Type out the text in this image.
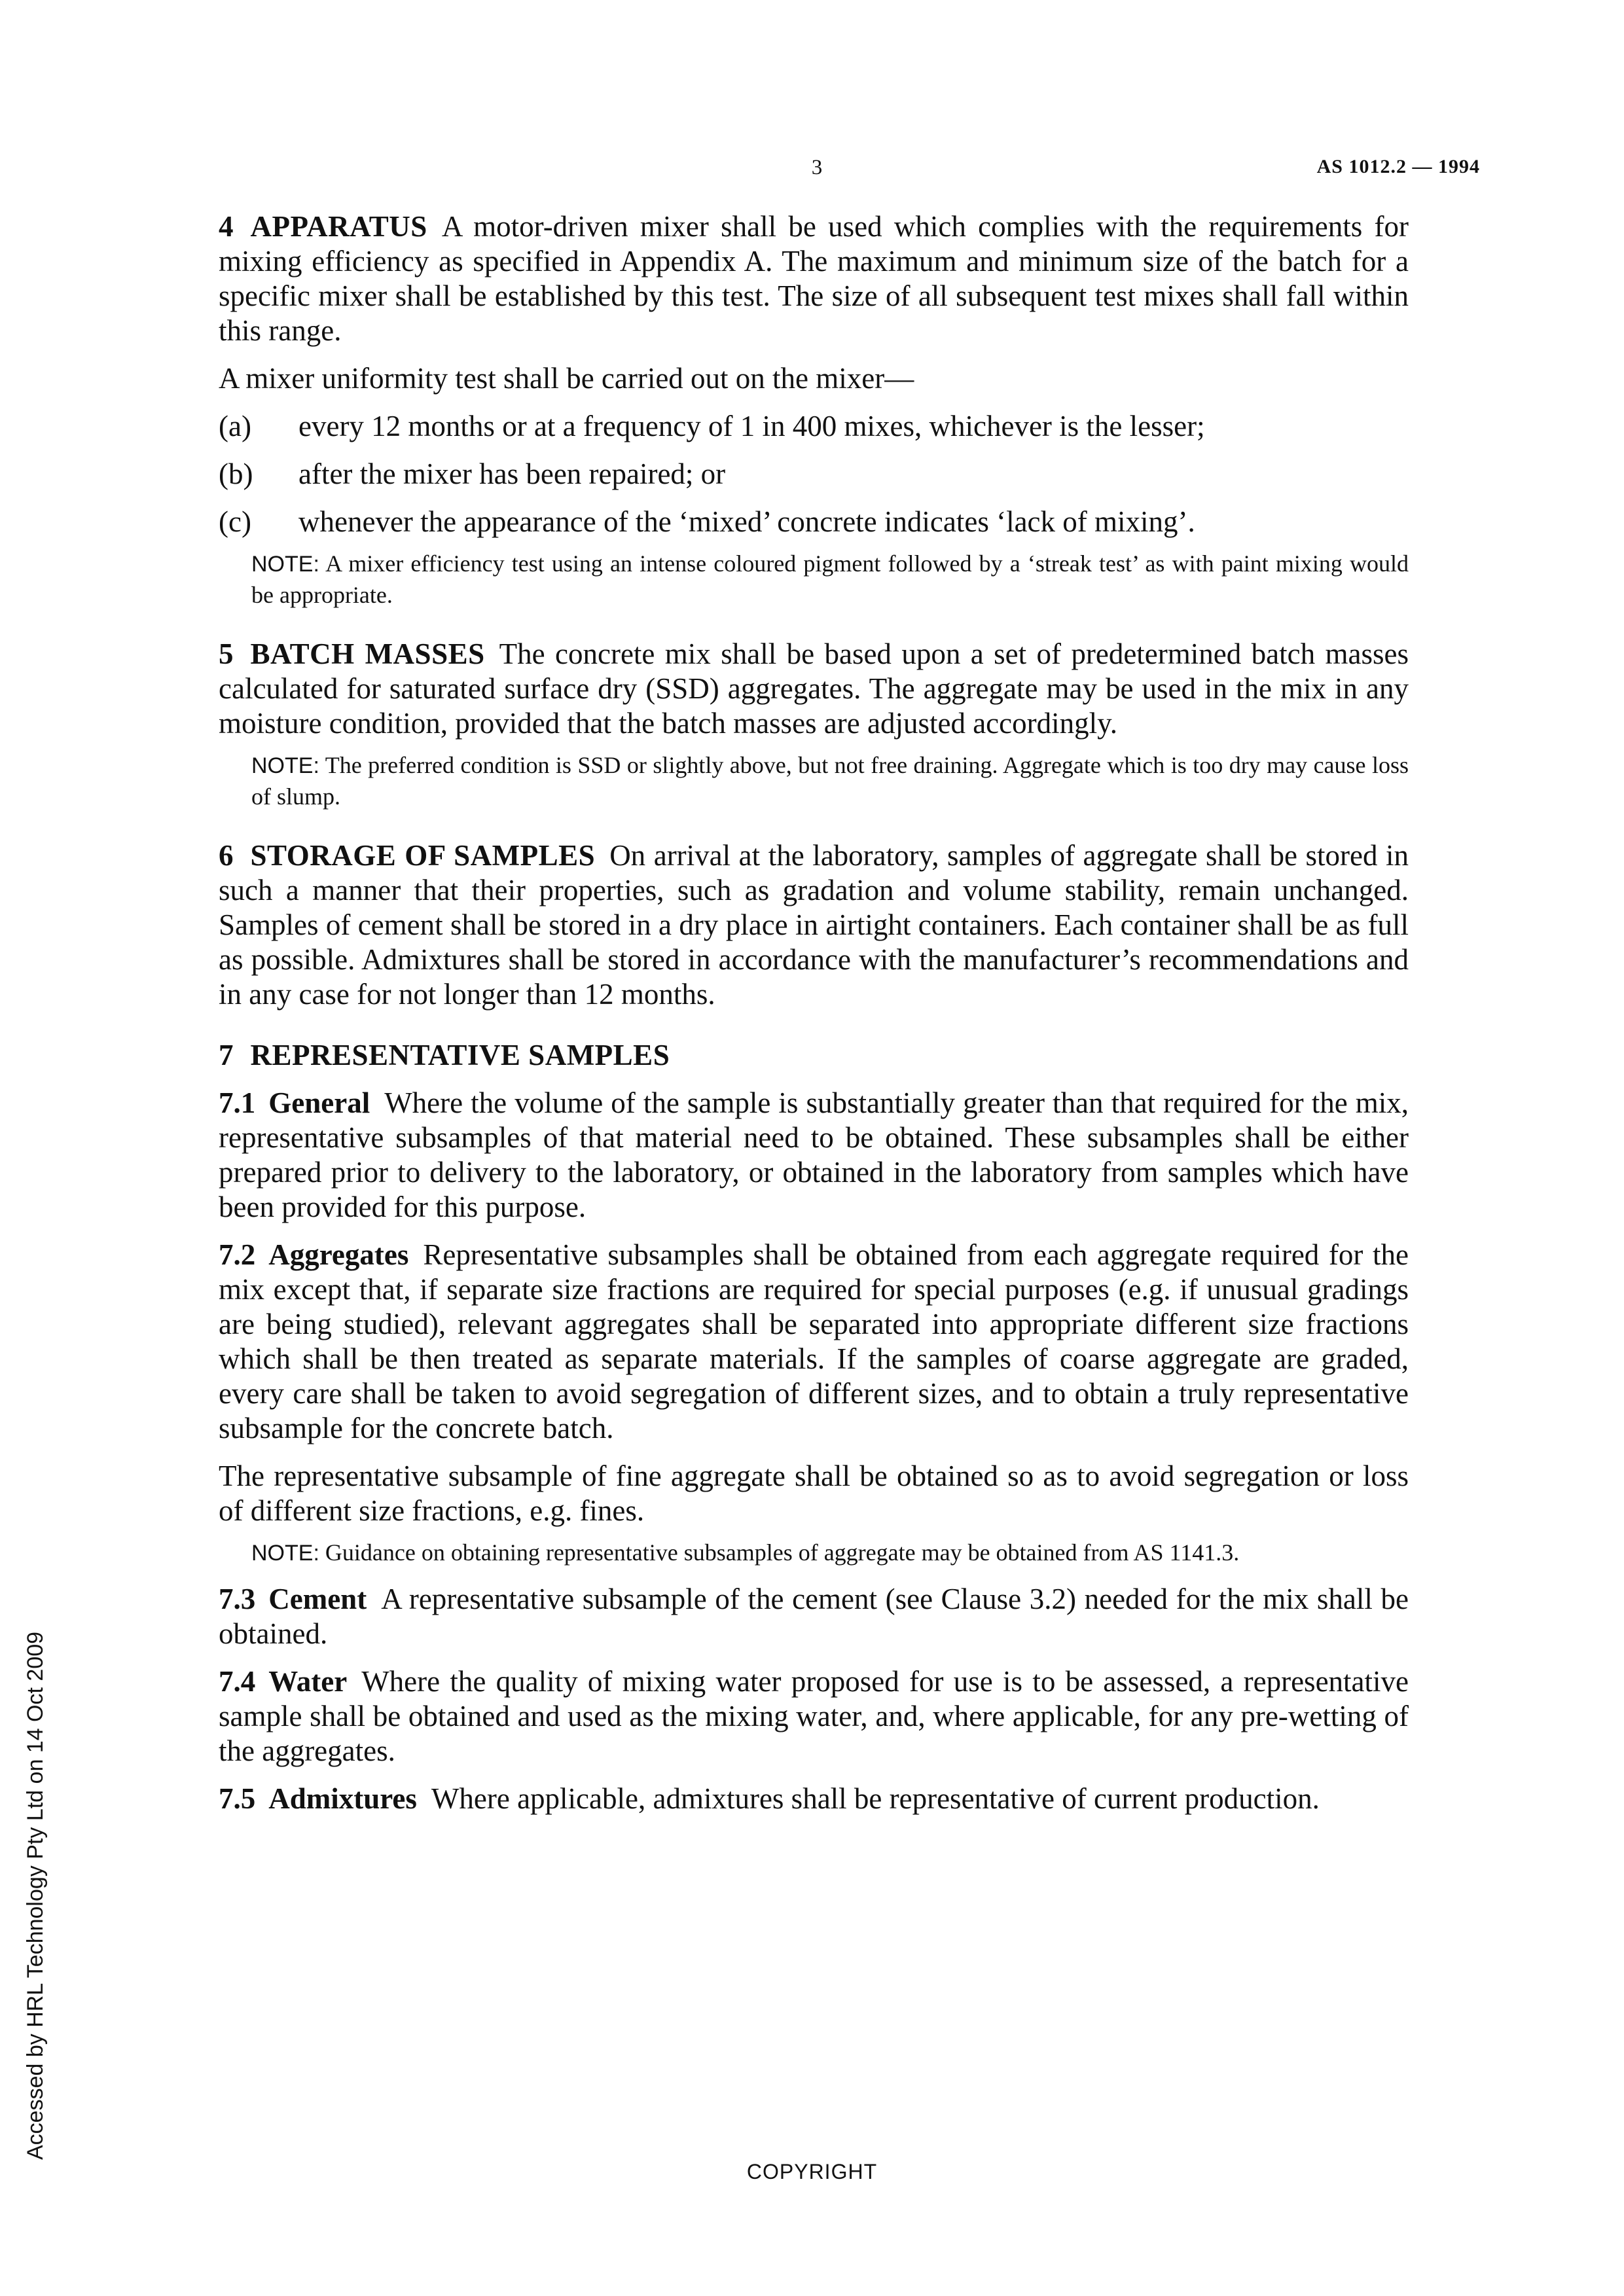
3	AS 1012.2 — 1994

4 APPARATUS A motor-driven mixer shall be used which complies with the requirements for mixing efficiency as specified in Appendix A. The maximum and minimum size of the batch for a specific mixer shall be established by this test. The size of all subsequent test mixes shall fall within this range.

A mixer uniformity test shall be carried out on the mixer—

(a)	every 12 months or at a frequency of 1 in 400 mixes, whichever is the lesser;
(b)	after the mixer has been repaired; or
(c)	whenever the appearance of the ‘mixed’ concrete indicates ‘lack of mixing’.

NOTE: A mixer efficiency test using an intense coloured pigment followed by a ‘streak test’ as with paint mixing would be appropriate.

5 BATCH MASSES The concrete mix shall be based upon a set of predetermined batch masses calculated for saturated surface dry (SSD) aggregates. The aggregate may be used in the mix in any moisture condition, provided that the batch masses are adjusted accordingly.

NOTE: The preferred condition is SSD or slightly above, but not free draining. Aggregate which is too dry may cause loss of slump.

6 STORAGE OF SAMPLES On arrival at the laboratory, samples of aggregate shall be stored in such a manner that their properties, such as gradation and volume stability, remain unchanged. Samples of cement shall be stored in a dry place in airtight containers. Each container shall be as full as possible. Admixtures shall be stored in accordance with the manufacturer’s recommendations and in any case for not longer than 12 months.

7 REPRESENTATIVE SAMPLES

7.1 General Where the volume of the sample is substantially greater than that required for the mix, representative subsamples of that material need to be obtained. These subsamples shall be either prepared prior to delivery to the laboratory, or obtained in the laboratory from samples which have been provided for this purpose.

7.2 Aggregates Representative subsamples shall be obtained from each aggregate required for the mix except that, if separate size fractions are required for special purposes (e.g. if unusual gradings are being studied), relevant aggregates shall be separated into appropriate different size fractions which shall be then treated as separate materials. If the samples of coarse aggregate are graded, every care shall be taken to avoid segregation of different sizes, and to obtain a truly representative subsample for the concrete batch.

The representative subsample of fine aggregate shall be obtained so as to avoid segregation or loss of different size fractions, e.g. fines.

NOTE: Guidance on obtaining representative subsamples of aggregate may be obtained from AS 1141.3.

7.3 Cement A representative subsample of the cement (see Clause 3.2) needed for the mix shall be obtained.

7.4 Water Where the quality of mixing water proposed for use is to be assessed, a representative sample shall be obtained and used as the mixing water, and, where applicable, for any pre-wetting of the aggregates.

7.5 Admixtures Where applicable, admixtures shall be representative of current production.

Accessed by HRL Technology Pty Ltd on 14 Oct 2009
COPYRIGHT
